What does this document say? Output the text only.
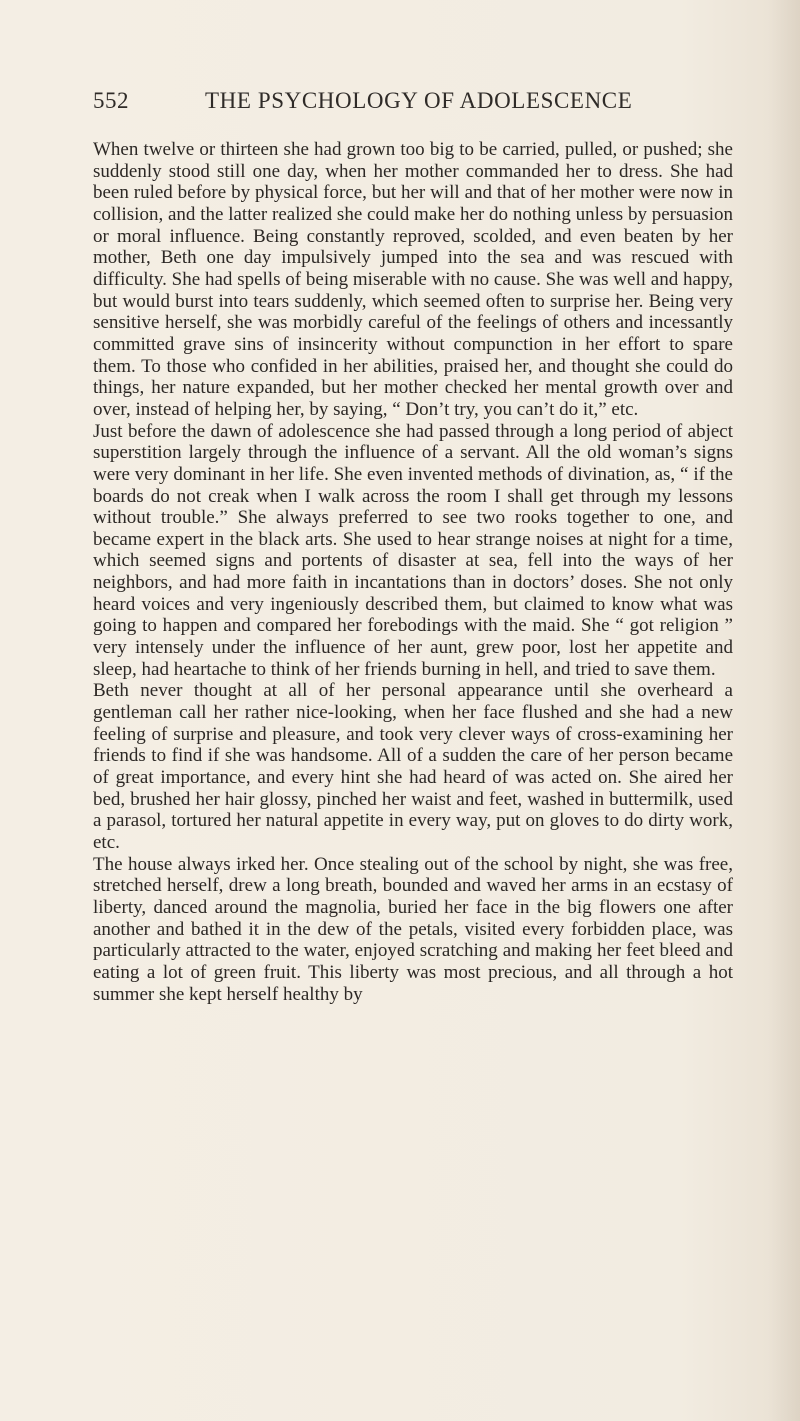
552	THE PSYCHOLOGY OF ADOLESCENCE

When twelve or thirteen she had grown too big to be carried, pulled, or pushed; she suddenly stood still one day, when her mother commanded her to dress. She had been ruled before by physical force, but her will and that of her mother were now in collision, and the latter realized she could make her do nothing unless by persuasion or moral influence. Being constantly reproved, scolded, and even beaten by her mother, Beth one day impulsively jumped into the sea and was rescued with difficulty. She had spells of being miserable with no cause. She was well and happy, but would burst into tears suddenly, which seemed often to surprise her. Being very sensitive herself, she was morbidly careful of the feelings of others and incessantly committed grave sins of insincerity without compunction in her effort to spare them. To those who confided in her abilities, praised her, and thought she could do things, her nature expanded, but her mother checked her mental growth over and over, instead of helping her, by saying, “ Don’t try, you can’t do it,” etc.

Just before the dawn of adolescence she had passed through a long period of abject superstition largely through the influence of a servant. All the old woman’s signs were very dominant in her life. She even invented methods of divination, as, “ if the boards do not creak when I walk across the room I shall get through my lessons without trouble.” She always preferred to see two rooks together to one, and became expert in the black arts. She used to hear strange noises at night for a time, which seemed signs and portents of disaster at sea, fell into the ways of her neighbors, and had more faith in incantations than in doctors’ doses. She not only heard voices and very ingeniously described them, but claimed to know what was going to happen and compared her forebodings with the maid. She “ got religion ” very intensely under the influence of her aunt, grew poor, lost her appetite and sleep, had heartache to think of her friends burning in hell, and tried to save them.

Beth never thought at all of her personal appearance until she overheard a gentleman call her rather nice-looking, when her face flushed and she had a new feeling of surprise and pleasure, and took very clever ways of cross-examining her friends to find if she was handsome. All of a sudden the care of her person became of great importance, and every hint she had heard of was acted on. She aired her bed, brushed her hair glossy, pinched her waist and feet, washed in buttermilk, used a parasol, tortured her natural appetite in every way, put on gloves to do dirty work, etc.

The house always irked her. Once stealing out of the school by night, she was free, stretched herself, drew a long breath, bounded and waved her arms in an ecstasy of liberty, danced around the magnolia, buried her face in the big flowers one after another and bathed it in the dew of the petals, visited every forbidden place, was particularly attracted to the water, enjoyed scratching and making her feet bleed and eating a lot of green fruit. This liberty was most precious, and all through a hot summer she kept herself healthy by
